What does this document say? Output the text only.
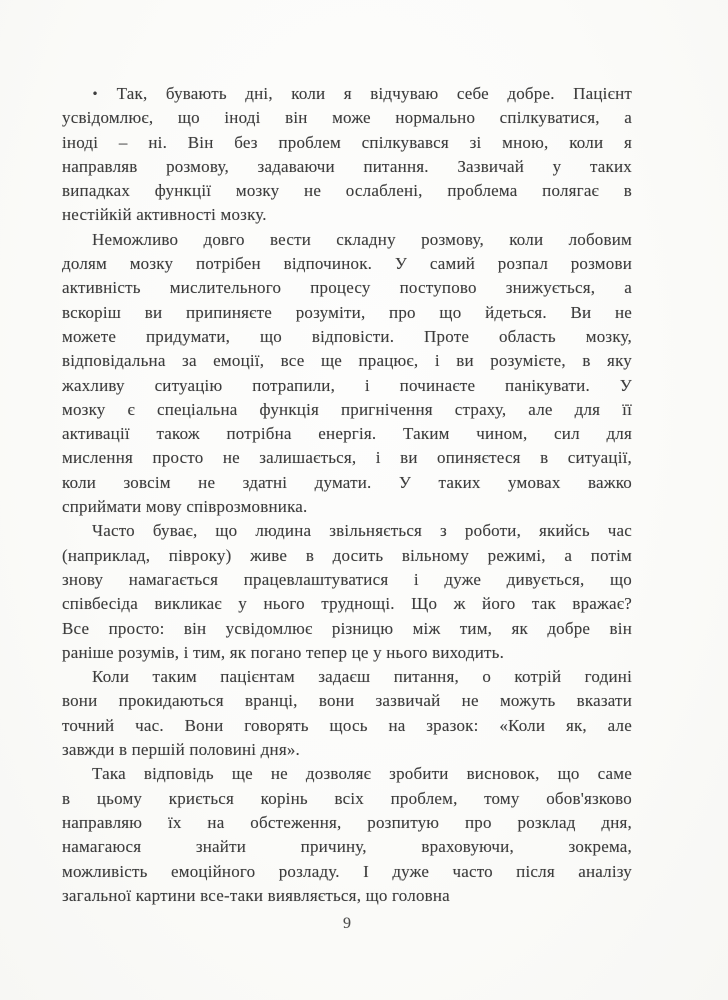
• Так, бувають дні, коли я відчуваю себе добре. Пацієнт
усвідомлює, що іноді він може нормально спілкуватися, а
іноді – ні. Він без проблем спілкувався зі мною, коли я
направляв розмову, задаваючи питання. Зазвичай у таких
випадках функції мозку не ослаблені, проблема полягає в
нестійкій активності мозку.
Неможливо довго вести складну розмову, коли лобовим
долям мозку потрібен відпочинок. У самий розпал розмови
активність мислительного процесу поступово знижується, а
вскоріш ви припиняєте розуміти, про що йдеться. Ви не
можете придумати, що відповісти. Проте область мозку,
відповідальна за емоції, все ще працює, і ви розумієте, в яку
жахливу ситуацію потрапили, і починаєте панікувати. У
мозку є спеціальна функція пригнічення страху, але для її
активації також потрібна енергія. Таким чином, сил для
мислення просто не залишається, і ви опиняєтеся в ситуації,
коли зовсім не здатні думати. У таких умовах важко
сприймати мову співрозмовника.
Часто буває, що людина звільняється з роботи, якийсь час
(наприклад, півроку) живе в досить вільному режимі, а потім
знову намагається працевлаштуватися і дуже дивується, що
співбесіда викликає у нього труднощі. Що ж його так вражає?
Все просто: він усвідомлює різницю між тим, як добре він
раніше розумів, і тим, як погано тепер це у нього виходить.
Коли таким пацієнтам задаєш питання, о котрій годині
вони прокидаються вранці, вони зазвичай не можуть вказати
точний час. Вони говорять щось на зразок: «Коли як, але
завжди в першій половині дня».
Така відповідь ще не дозволяє зробити висновок, що саме
в цьому криється корінь всіх проблем, тому обов'язково
направляю їх на обстеження, розпитую про розклад дня,
намагаюся знайти причину, враховуючи, зокрема,
можливість емоційного розладу. І дуже часто після аналізу
загальної картини все-таки виявляється, що головна
9
